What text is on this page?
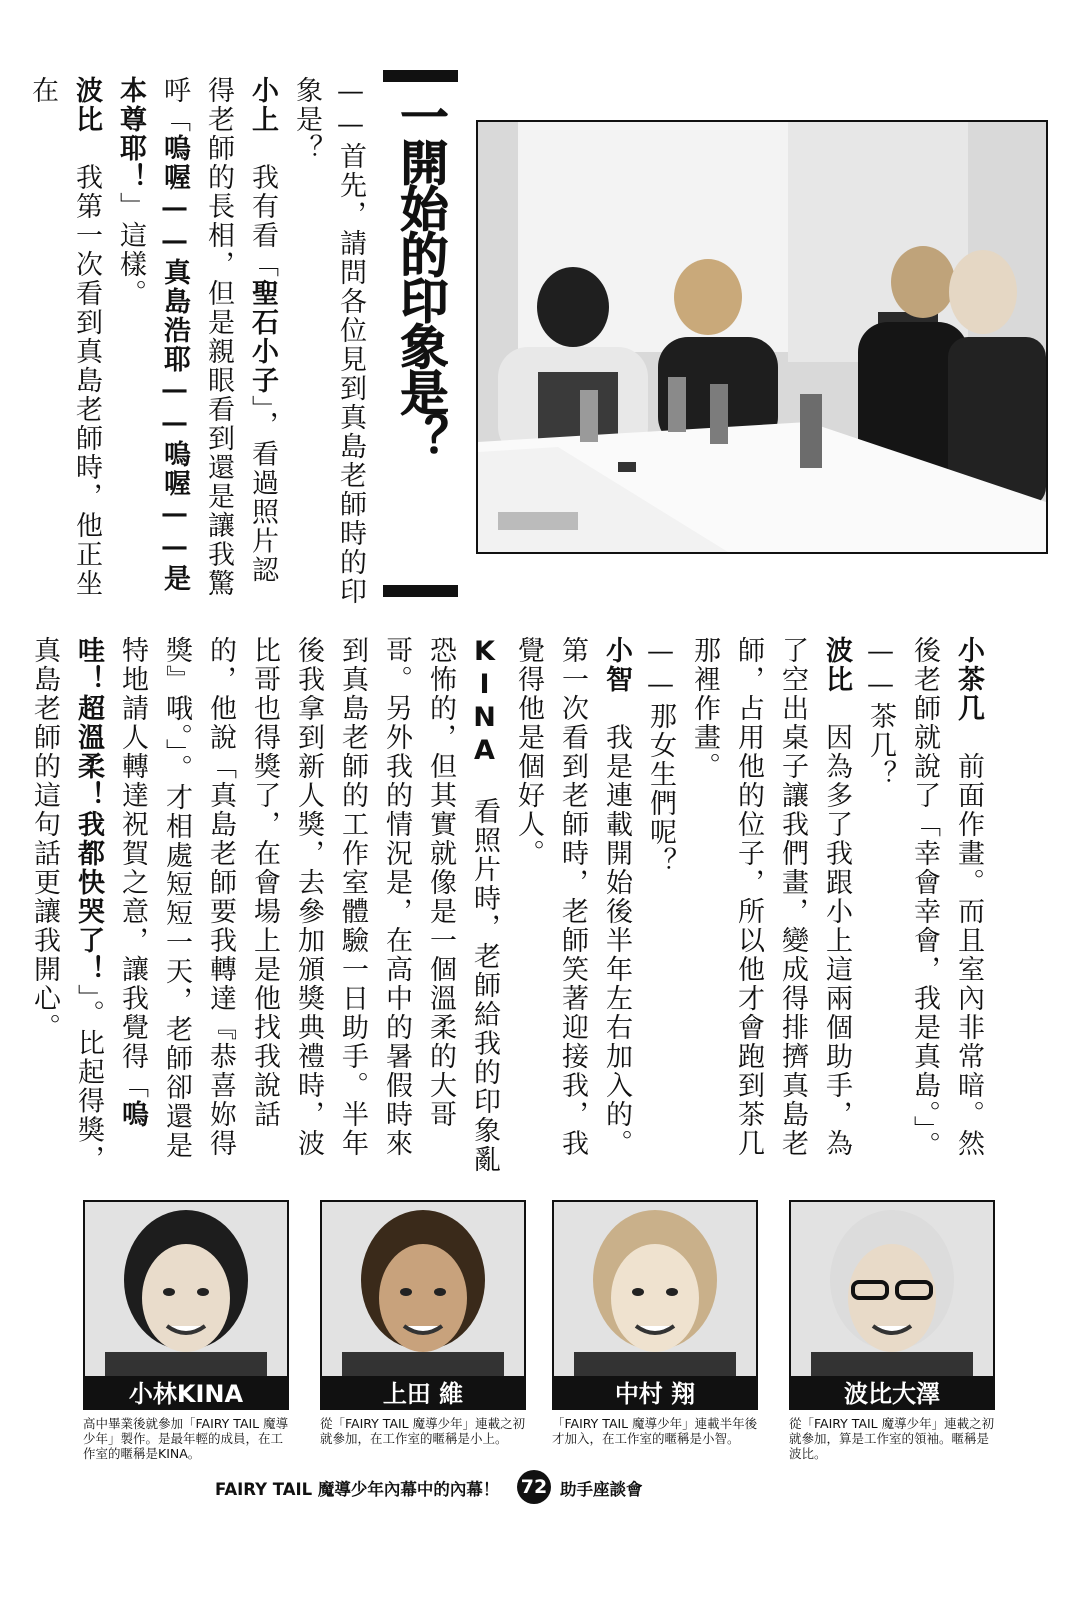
一開始的印象是？
——首先，請問各位見到真島老師時的印象是？
小上　我有看「聖石小子」，看過照片認得老師的長相，但是親眼看到還是讓我驚呼「嗚喔——真島浩耶——嗚喔——是本尊耶！」這樣。
波比　我第一次看到真島老師時，他正坐在
小茶几　前面作畫。而且室內非常暗。然後老師就說了「幸會幸會，我是真島。」。
——茶几？
波比　因為多了我跟小上這兩個助手，為了空出桌子讓我們畫，變成得排擠真島老師，占用他的位子，所以他才會跑到茶几那裡作畫。
——那女生們呢？
小智　我是連載開始後半年左右加入的。第一次看到老師時，老師笑著迎接我，我覺得他是個好人。
KINA　看照片時，老師給我的印象亂恐怖的，但其實就像是一個溫柔的大哥哥。另外我的情況是，在高中的暑假時來到真島老師的工作室體驗一日助手。半年後我拿到新人獎，去參加頒獎典禮時，波比哥也得獎了，在會場上是他找我說話的，他說「真島老師要我轉達『恭喜妳得獎』哦。」。才相處短短一天，老師卻還是特地請人轉達祝賀之意，讓我覺得「嗚哇！超溫柔！我都快哭了！」。比起得獎，真島老師的這句話更讓我開心。
小林KINA
高中畢業後就參加「FAIRY TAIL 魔導少年」製作。是最年輕的成員，在工作室的暱稱是KINA。
上田 維
從「FAIRY TAIL 魔導少年」連載之初就參加，在工作室的暱稱是小上。
中村 翔
「FAIRY TAIL 魔導少年」連載半年後才加入，在工作室的暱稱是小智。
波比大澤
從「FAIRY TAIL 魔導少年」連載之初就參加，算是工作室的領袖。暱稱是波比。
FAIRY TAIL 魔導少年內幕中的內幕！ 72 助手座談會
